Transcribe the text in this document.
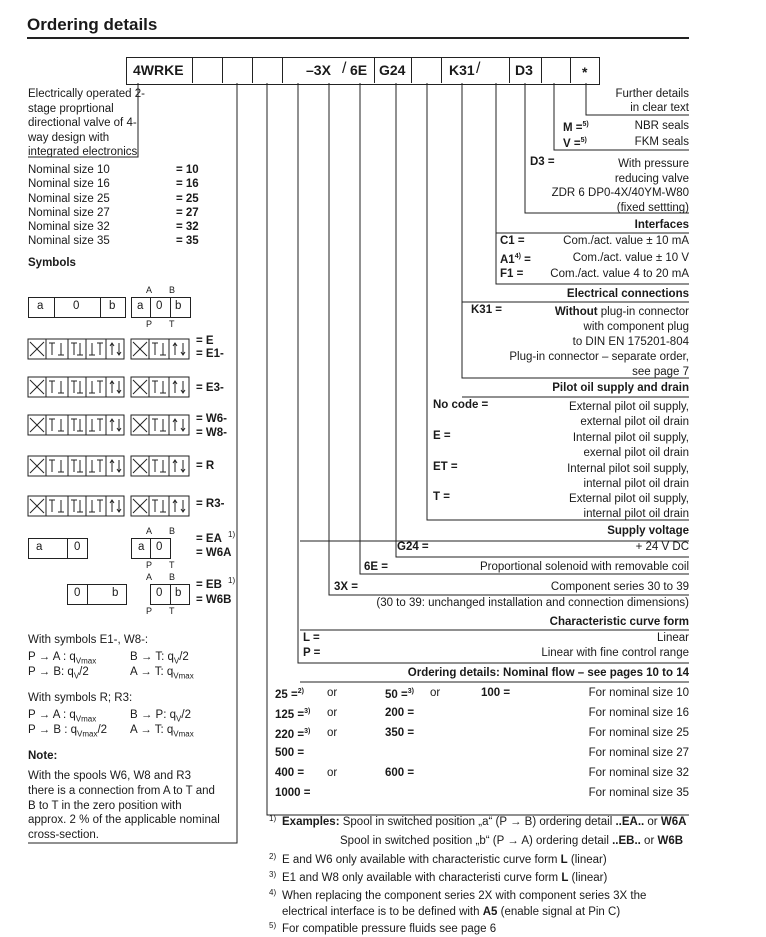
Ordering details
4WRKE	–3X / 6E G24	K31 / D3	*
Electrically operated 2-
stage proprtional
directional valve of 4-
way design with
integrated electronics
Nominal size 10	= 10
Nominal size 16	= 16
Nominal size 25	= 25
Nominal size 27	= 27
Nominal size 32	= 32
Nominal size 35	= 35
Symbols
a	0	b a 0 b
A B
P T
= E
= E1-
= E3-
= W6-
= W8-
= R
= R3-
= EA 1)
= W6A
= EB 1)
= W6B
a	0	a 0
A B
P T
0	b	0 b
A B
P T
With symbols E1-, W8-:
P → A : $q_{Vmax}$	B → T: $q_V/2$
P → B: $q_V/2$	A → T: $q_{Vmax}$
With symbols R; R3:
P → A : $q_{Vmax}$	B → P: $q_V/2$
P → B : $q_{Vmax}/2$ A → T: $q_{Vmax}$
Note:
With the spools W6, W8 and R3
there is a connection from A to T and
B to T in the zero position with
approx. 2 % of the applicable nominal
cross-section.
Further details
in clear text
M =$^{5)}$	NBR seals
V =$^{5)}$	FKM seals
D3 =	With pressure
reducing valve
ZDR 6 DP0-4X/40YM-W80
(fixed settting)
Interfaces
C1 =	Com./act. value ± 10 mA
$A1^{4)}$ =	Com./act. value ± 10 V
F1 = Com./act. value 4 to 20 mA
Electrical connections
K31 =	Without plug-in connector
with component plug
to DIN EN 175201-804
Plug-in connector – separate order,
see page 7
Pilot oil supply and drain
No code =	External pilot oil supply,
external pilot oil drain
E =	Internal pilot oil supply,
exernal pilot oil drain
ET =	Internal pilot soil supply,
internal pilot oil drain
T =	External pilot oil supply,
internal pilot oil drain
Supply voltage
G24 =	+ 24 V DC
6E =	Proportional solenoid with removable coil
3X =	Component series 30 to 39
(30 to 39: unchanged installation and connection dimensions)
Characteristic curve form
L =	Linear
P =	Linear with fine control range
Ordering details: Nominal flow – see pages 10 to 14
25 =$^{2)}$ or	50 =$^{3)}$ or	100 =	For nominal size 10
125 =$^{3)}$ or	200 =	For nominal size 16
220 =$^{3)}$ or	350 =	For nominal size 25
500 =	For nominal size 27
400 = or	600 =	For nominal size 32
1000 =	For nominal size 35
1) Examples: Spool in switched position „a“ (P → B) ordering detail ..EA.. or W6A
Spool in switched position „b“ (P → A) ordering detail ..EB.. or W6B
2) E and W6 only available with characteristic curve form L (linear)
3) E1 and W8 only available with characteristi curve form L (linear)
4) When replacing the component series 2X with component series 3X the
electrical interface is to be defined with A5 (enable signal at Pin C)
5) For compatible pressure fluids see page 6
